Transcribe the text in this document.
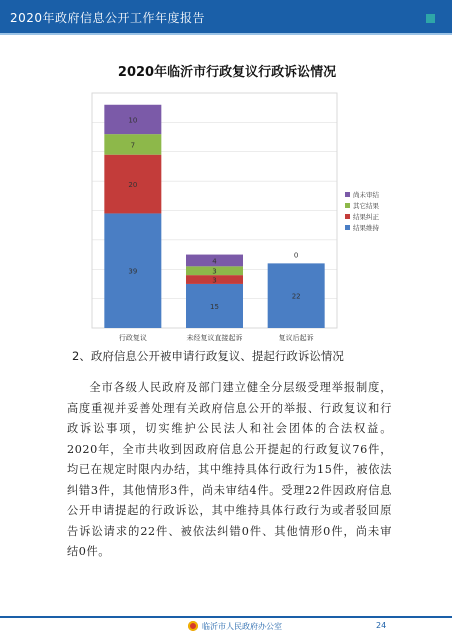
2020年政府信息公开工作年度报告
2020年临沂市行政复议行政诉讼情况
39
20
7
10
行政复议
15
3
3
4
未经复议直接起诉
22
0
复议后起诉
尚未审结
其它结果
结果纠正
结果维持
2、政府信息公开被申请行政复议、提起行政诉讼情况

全市各级人民政府及部门建立健全分层级受理举报制度，高度重视并妥善处理有关政府信息公开的举报、行政复议和行政诉讼事项，切实维护公民法人和社会团体的合法权益。2020年，全市共收到因政府信息公开提起的行政复议76件，均已在规定时限内办结，其中维持具体行政行为15件，被依法纠错3件，其他情形3件，尚未审结4件。受理22件因政府信息公开申请提起的行政诉讼，其中维持具体行政行为或者驳回原告诉讼请求的22件、被依法纠错0件、其他情形0件，尚未审结0件。

临沂市人民政府办公室	24
